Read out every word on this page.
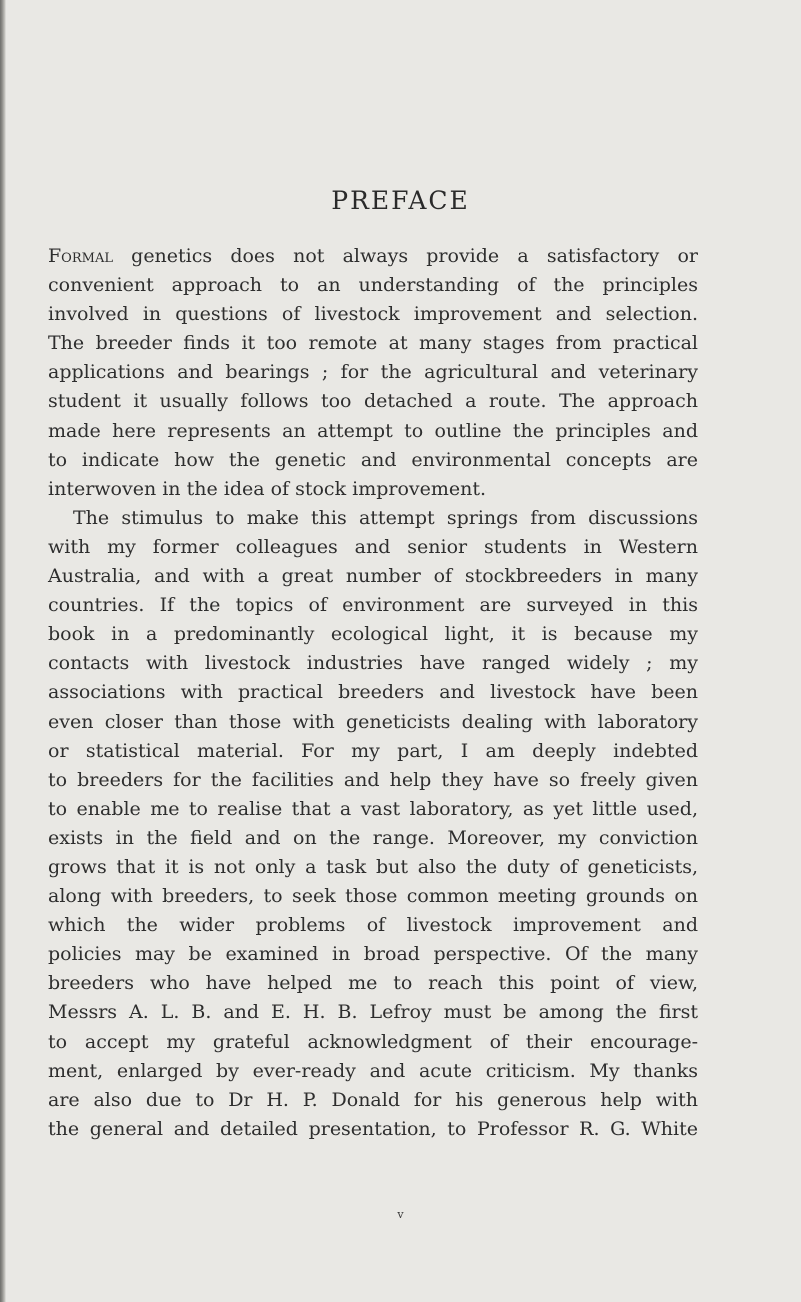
PREFACE
Formal genetics does not always provide a satisfactory or
convenient approach to an understanding of the principles
involved in questions of livestock improvement and selection.
The breeder finds it too remote at many stages from practical
applications and bearings ; for the agricultural and veterinary
student it usually follows too detached a route. The approach
made here represents an attempt to outline the principles and
to indicate how the genetic and environmental concepts are
interwoven in the idea of stock improvement.
The stimulus to make this attempt springs from discussions
with my former colleagues and senior students in Western
Australia, and with a great number of stockbreeders in many
countries. If the topics of environment are surveyed in this
book in a predominantly ecological light, it is because my
contacts with livestock industries have ranged widely ; my
associations with practical breeders and livestock have been
even closer than those with geneticists dealing with laboratory
or statistical material. For my part, I am deeply indebted
to breeders for the facilities and help they have so freely given
to enable me to realise that a vast laboratory, as yet little used,
exists in the field and on the range. Moreover, my conviction
grows that it is not only a task but also the duty of geneticists,
along with breeders, to seek those common meeting grounds on
which the wider problems of livestock improvement and
policies may be examined in broad perspective. Of the many
breeders who have helped me to reach this point of view,
Messrs A. L. B. and E. H. B. Lefroy must be among the first
to accept my grateful acknowledgment of their encourage-
ment, enlarged by ever-ready and acute criticism. My thanks
are also due to Dr H. P. Donald for his generous help with
the general and detailed presentation, to Professor R. G. White
v
